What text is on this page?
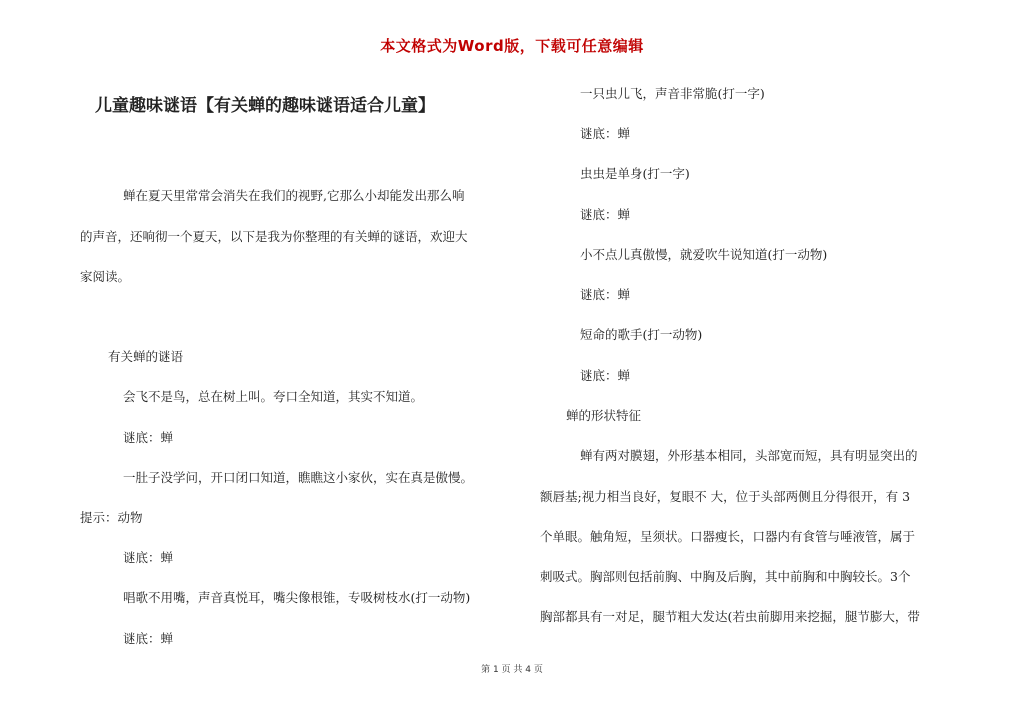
本文格式为Word版，下载可任意编辑
儿童趣味谜语【有关蝉的趣味谜语适合儿童】
蝉在夏天里常常会消失在我们的视野,它那么小却能发出那么响
的声音，还响彻一个夏天，以下是我为你整理的有关蝉的谜语，欢迎大
家阅读。
有关蝉的谜语
会飞不是鸟，总在树上叫。夸口全知道，其实不知道。
谜底：蝉
一肚子没学问，开口闭口知道，瞧瞧这小家伙，实在真是傲慢。
提示：动物
谜底：蝉
唱歌不用嘴，声音真悦耳，嘴尖像根锥，专吸树枝水(打一动物)
谜底：蝉
一只虫儿飞，声音非常脆(打一字)
谜底：蝉
虫虫是单身(打一字)
谜底：蝉
小不点儿真傲慢，就爱吹牛说知道(打一动物)
谜底：蝉
短命的歌手(打一动物)
谜底：蝉
蝉的形状特征
蝉有两对膜翅，外形基本相同，头部宽而短，具有明显突出的
额唇基;视力相当良好，复眼不 大，位于头部两侧且分得很开，有 3
个单眼。触角短，呈须状。口器瘦长，口器内有食管与唾液管，属于
刺吸式。胸部则包括前胸、中胸及后胸，其中前胸和中胸较长。3个
胸部都具有一对足，腿节粗大发达(若虫前脚用来挖掘，腿节膨大，带
第 1 页 共 4 页
